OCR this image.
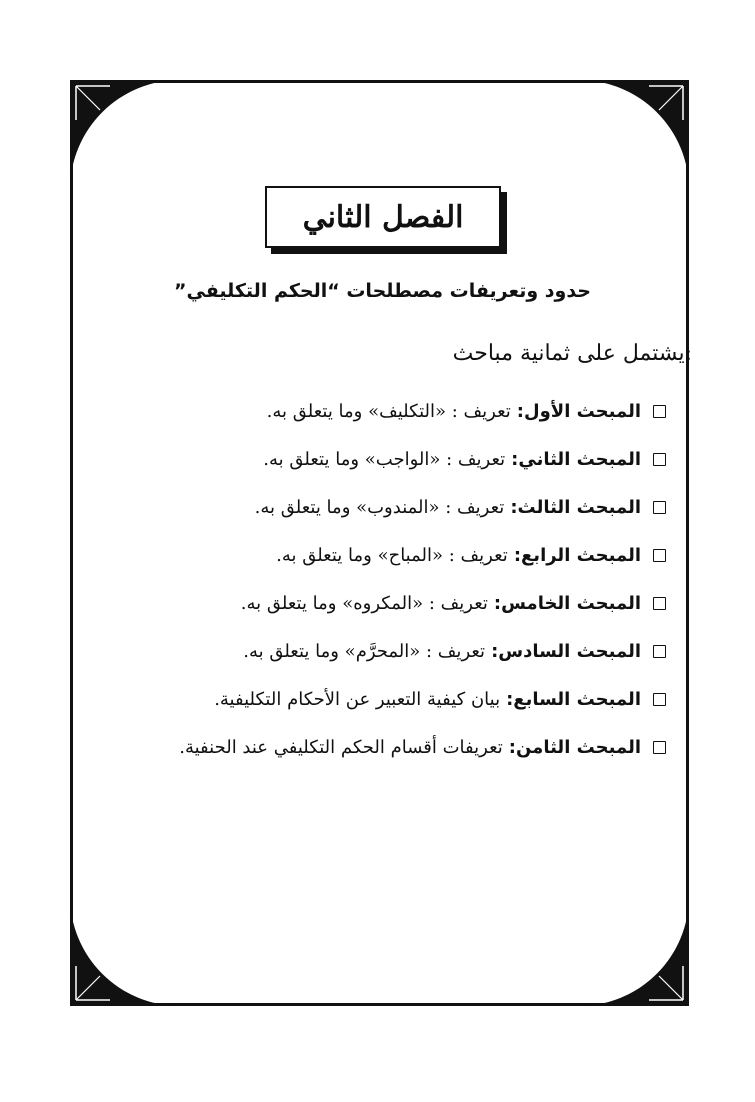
الفصل الثاني
حدود وتعريفات مصطلحات “الحكم التكليفي”
:يشتمل على ثمانية مباحث
المبحث الأول:
تعريف : «التكليف» وما يتعلق به.
المبحث الثاني:
تعريف : «الواجب» وما يتعلق به.
المبحث الثالث:
تعريف : «المندوب» وما يتعلق به.
المبحث الرابع:
تعريف : «المباح» وما يتعلق به.
المبحث الخامس:
تعريف : «المكروه» وما يتعلق به.
المبحث السادس:
تعريف : «المحرَّم» وما يتعلق به.
المبحث السابع:
بيان كيفية التعبير عن الأحكام التكليفية.
المبحث الثامن:
تعريفات أقسام الحكم التكليفي عند الحنفية.
